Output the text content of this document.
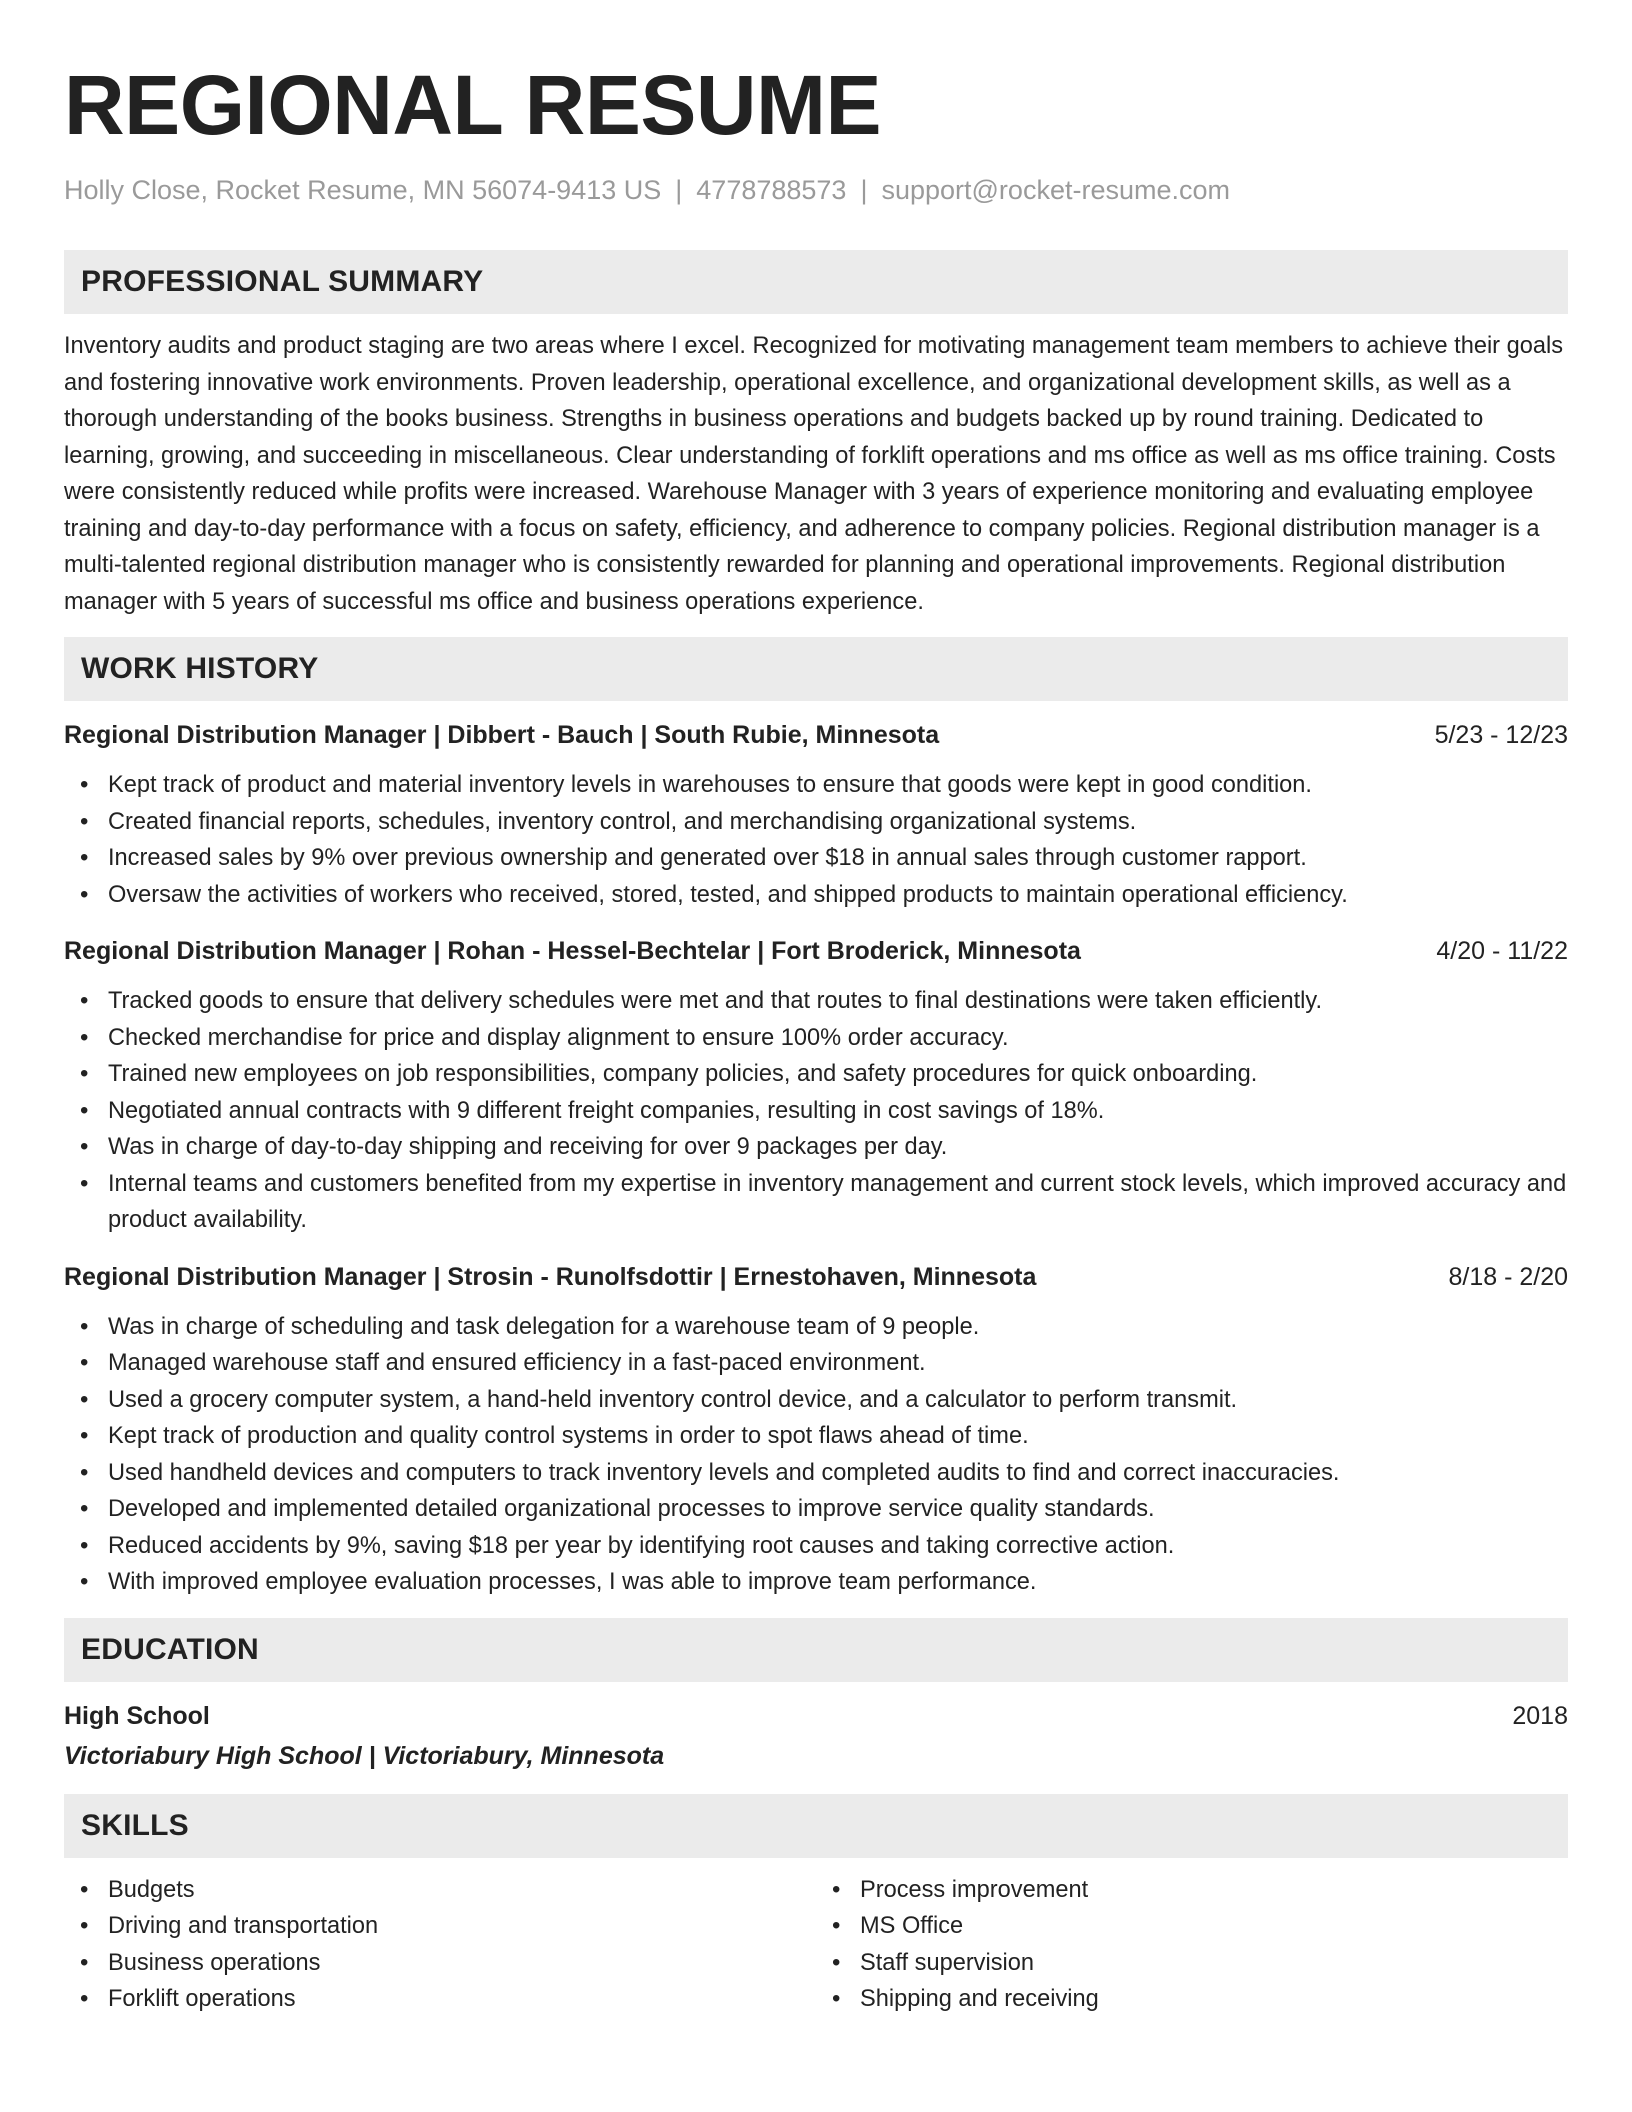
REGIONAL RESUME
Holly Close, Rocket Resume, MN 56074-9413 US | 4778788573 | support@rocket-resume.com
PROFESSIONAL SUMMARY

Inventory audits and product staging are two areas where I excel. Recognized for motivating management team members to achieve their goals and fostering innovative work environments. Proven leadership, operational excellence, and organizational development skills, as well as a thorough understanding of the books business. Strengths in business operations and budgets backed up by round training. Dedicated to learning, growing, and succeeding in miscellaneous. Clear understanding of forklift operations and ms office as well as ms office training. Costs were consistently reduced while profits were increased. Warehouse Manager with 3 years of experience monitoring and evaluating employee training and day-to-day performance with a focus on safety, efficiency, and adherence to company policies. Regional distribution manager is a multi-talented regional distribution manager who is consistently rewarded for planning and operational improvements. Regional distribution manager with 5 years of successful ms office and business operations experience.

WORK HISTORY
Regional Distribution Manager | Dibbert - Bauch | South Rubie, Minnesota	5/23 - 12/23
• Kept track of product and material inventory levels in warehouses to ensure that goods were kept in good condition.
• Created financial reports, schedules, inventory control, and merchandising organizational systems.
• Increased sales by 9% over previous ownership and generated over $18 in annual sales through customer rapport.
• Oversaw the activities of workers who received, stored, tested, and shipped products to maintain operational efficiency.
Regional Distribution Manager | Rohan - Hessel-Bechtelar | Fort Broderick, Minnesota	4/20 - 11/22
• Tracked goods to ensure that delivery schedules were met and that routes to final destinations were taken efficiently.
• Checked merchandise for price and display alignment to ensure 100% order accuracy.
• Trained new employees on job responsibilities, company policies, and safety procedures for quick onboarding.
• Negotiated annual contracts with 9 different freight companies, resulting in cost savings of 18%.
• Was in charge of day-to-day shipping and receiving for over 9 packages per day.
• Internal teams and customers benefited from my expertise in inventory management and current stock levels, which improved accuracy and product availability.
Regional Distribution Manager | Strosin - Runolfsdottir | Ernestohaven, Minnesota	8/18 - 2/20
• Was in charge of scheduling and task delegation for a warehouse team of 9 people.
• Managed warehouse staff and ensured efficiency in a fast-paced environment.
• Used a grocery computer system, a hand-held inventory control device, and a calculator to perform transmit.
• Kept track of production and quality control systems in order to spot flaws ahead of time.
• Used handheld devices and computers to track inventory levels and completed audits to find and correct inaccuracies.
• Developed and implemented detailed organizational processes to improve service quality standards.
• Reduced accidents by 9%, saving $18 per year by identifying root causes and taking corrective action.
• With improved employee evaluation processes, I was able to improve team performance.
EDUCATION
High School	2018
Victoriabury High School | Victoriabury, Minnesota
SKILLS
• Budgets
• Driving and transportation
• Business operations
• Forklift operations
• Process improvement
• MS Office
• Staff supervision
• Shipping and receiving
